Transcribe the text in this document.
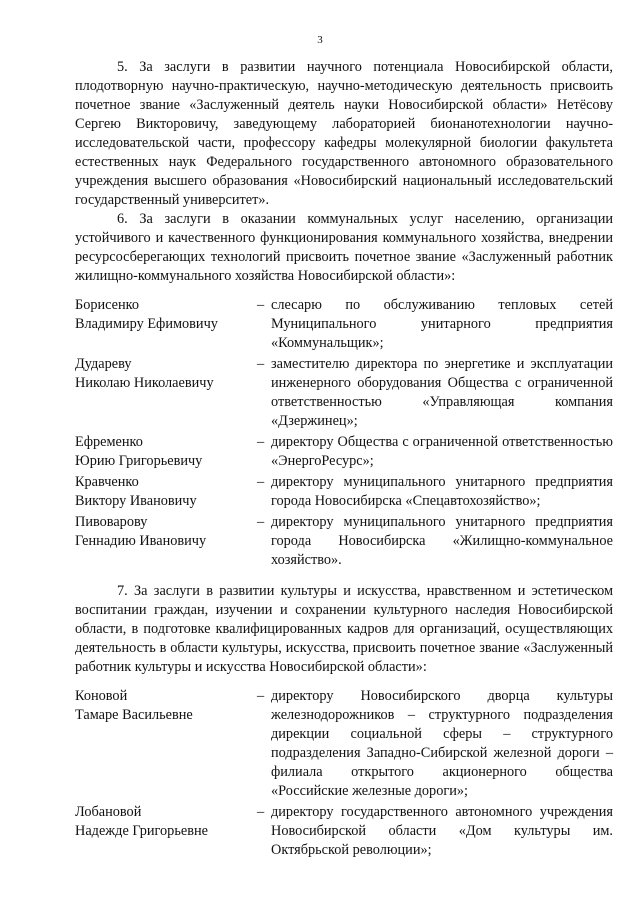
3

5. За заслуги в развитии научного потенциала Новосибирской области, плодотворную научно-практическую, научно-методическую деятельность присвоить почетное звание «Заслуженный деятель науки Новосибирской области» Нетёсову Сергею Викторовичу, заведующему лабораторией бионанотехнологии научно-исследовательской части, профессору кафедры молекулярной биологии факультета естественных наук Федерального государственного автономного образовательного учреждения высшего образования «Новосибирский национальный исследовательский государственный университет».

6. За заслуги в оказании коммунальных услуг населению, организации устойчивого и качественного функционирования коммунального хозяйства, внедрении ресурсосберегающих технологий присвоить почетное звание «Заслуженный работник жилищно-коммунального хозяйства Новосибирской области»:

Борисенко
Владимиру Ефимовичу	–	слесарю по обслуживанию тепловых сетей Муниципального унитарного предприятия «Коммунальщик»;
Дудареву
Николаю Николаевичу	–	заместителю директора по энергетике и эксплуатации инженерного оборудования Общества с ограниченной ответственностью «Управляющая компания «Дзержинец»;
Ефременко
Юрию Григорьевичу	–	директору Общества с ограниченной ответственностью «ЭнергоРесурс»;
Кравченко
Виктору Ивановичу	–	директору муниципального унитарного предприятия города Новосибирска «Спецавтохозяйство»;
Пивоварову
Геннадию Ивановичу	–	директору муниципального унитарного предприятия города Новосибирска «Жилищно-коммунальное хозяйство».

7. За заслуги в развитии культуры и искусства, нравственном и эстетическом воспитании граждан, изучении и сохранении культурного наследия Новосибирской области, в подготовке квалифицированных кадров для организаций, осуществляющих деятельность в области культуры, искусства, присвоить почетное звание «Заслуженный работник культуры и искусства Новосибирской области»:

Коновой
Тамаре Васильевне	–	директору Новосибирского дворца культуры железнодорожников – структурного подразделения дирекции социальной сферы – структурного подразделения Западно-Сибирской железной дороги – филиала открытого акционерного общества «Российские железные дороги»;
Лобановой
Надежде Григорьевне	–	директору государственного автономного учреждения Новосибирской области «Дом культуры им. Октябрьской революции»;
